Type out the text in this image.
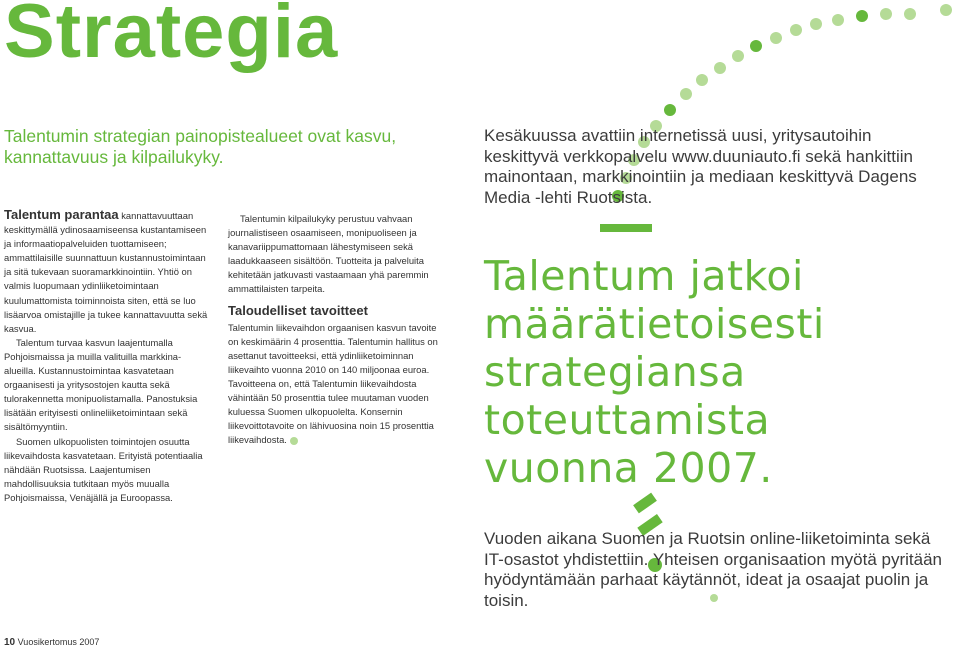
Strategia
Talentumin strategian painopistealueet ovat kasvu, kannattavuus ja kilpailukyky.

Talentum parantaa kannattavuuttaan keskittymällä ydinosaamiseensa kustantamiseen ja informaatiopalveluiden tuottamiseen; ammattilaisille suunnattuun kustannustoimintaan ja sitä tukevaan suoramarkkinointiin. Yhtiö on valmis luopumaan ydinliiketoimintaan kuulumattomista toiminnoista siten, että se luo lisäarvoa omistajille ja tukee kannattavuutta sekä kasvua.

Talentum turvaa kasvun laajentumalla Pohjoismaissa ja muilla valituilla markkina-alueilla. Kustannustoimintaa kasvatetaan orgaanisesti ja yritysostojen kautta sekä tulorakennetta monipuolistamalla. Panostuksia lisätään erityisesti onlineliiketoimintaan sekä sisältömyyntiin.

Suomen ulkopuolisten toimintojen osuutta liikevaihdosta kasvatetaan. Erityistä potentiaalia nähdään Ruotsissa. Laajentumisen mahdollisuuksia tutkitaan myös muualla Pohjoismaissa, Venäjällä ja Euroopassa.

Talentumin kilpailukyky perustuu vahvaan journalistiseen osaamiseen, monipuoliseen ja kanavariippumattomaan lähestymiseen sekä laadukkaaseen sisältöön. Tuotteita ja palveluita kehitetään jatkuvasti vastaamaan yhä paremmin ammattilaisten tarpeita.

Taloudelliset tavoitteet

Talentumin liikevaihdon orgaanisen kasvun tavoite on keskimäärin 4 prosenttia. Talentumin hallitus on asettanut tavoitteeksi, että ydinliiketoiminnan liikevaihto vuonna 2010 on 140 miljoonaa euroa. Tavoitteena on, että Talentumin liikevaihdosta vähintään 50 prosenttia tulee muutaman vuoden kuluessa Suomen ulkopuolelta. Konsernin liikevoittotavoite on lähivuosina noin 15 prosenttia liikevaihdosta.

Kesäkuussa avattiin internetissä uusi, yritysautoihin keskittyvä verkkopalvelu www.duuniauto.fi sekä hankittiin mainontaan, markkinointiin ja mediaan keskittyvä Dagens Media -lehti Ruotsista.

Talentum jatkoi

määrätietoisesti

strategiansa

toteuttamista

vuonna 2007.

Vuoden aikana Suomen ja Ruotsin online-liiketoiminta sekä IT-osastot yhdistettiin. Yhteisen organisaation myötä pyritään hyödyntämään parhaat käytännöt, ideat ja osaajat puolin ja toisin.

10 Vuosikertomus 2007
